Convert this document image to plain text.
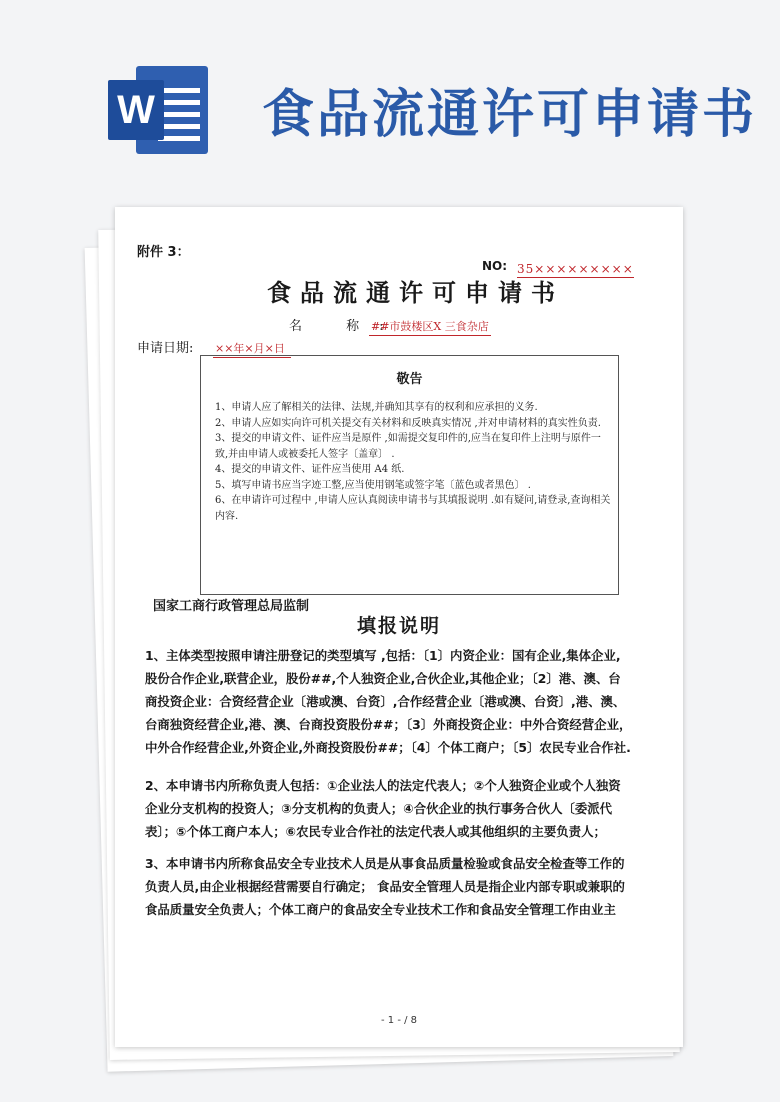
W 食品流通许可申请书
附件 3：
NO: 35×××××××××
食品流通许可申请书
名 称:
##市鼓楼区X 三食杂店
申请日期: ××年×月×日
敬告
1、申请人应了解相关的法律、法规,并确知其享有的权利和应承担的义务.
2、申请人应如实向许可机关提交有关材料和反映真实情况 ,并对申请材料的真实性负责.
3、提交的申请文件、证件应当是原件 ,如需提交复印件的,应当在复印件上注明与原件一致,并由申请人或被委托人签字〔盖章〕 .
4、提交的申请文件、证件应当使用 A4 纸.
5、填写申请书应当字迹工整,应当使用钢笔或签字笔〔蓝色或者黑色〕 .
6、在申请许可过程中 ,申请人应认真阅读申请书与其填报说明 .如有疑问,请登录,查询相关内容.
国家工商行政管理总局监制
填报说明
1、主体类型按照申请注册登记的类型填写 ,包括：〔1〕内资企业：国有企业,集体企业,
股份合作企业,联营企业，股份##,个人独资企业,合伙企业,其他企业；〔2〕港、澳、台
商投资企业：合资经营企业〔港或澳、台资〕,合作经营企业〔港或澳、台资〕,港、澳、
台商独资经营企业,港、澳、台商投资股份##；〔3〕外商投资企业：中外合资经营企业，
中外合作经营企业,外资企业,外商投资股份##；〔4〕个体工商户；〔5〕农民专业合作社.
2、本申请书内所称负责人包括：①企业法人的法定代表人；②个人独资企业或个人独资
企业分支机构的投资人；③分支机构的负责人；④合伙企业的执行事务合伙人〔委派代
表〕；⑤个体工商户本人；⑥农民专业合作社的法定代表人或其他组织的主要负责人；
3、本申请书内所称食品安全专业技术人员是从事食品质量检验或食品安全检查等工作的
负责人员,由企业根据经营需要自行确定； 食品安全管理人员是指企业内部专职或兼职的
食品质量安全负责人；个体工商户的食品安全专业技术工作和食品安全管理工作由业主
- 1 - / 8
